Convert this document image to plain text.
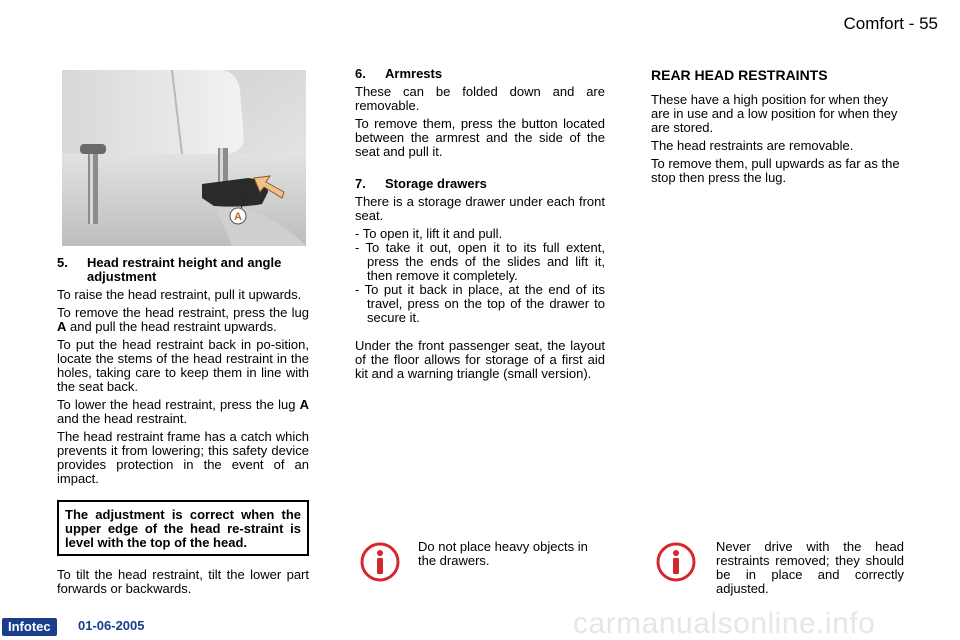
Comfort - 55
A
5.	Head restraint height and angle adjustment

To raise the head restraint, pull it upwards.

To remove the head restraint, press the lug A and pull the head restraint upwards.

To put the head restraint back in po-sition, locate the stems of the head restraint in the holes, taking care to keep them in line with the seat back.

To lower the head restraint, press the lug A and the head restraint.

The head restraint frame has a catch which prevents it from lowering; this safety device provides protection in the event of an impact.

The adjustment is correct when the upper edge of the head re-straint is level with the top of the head.

To tilt the head restraint, tilt the lower part forwards or backwards.

6.	Armrests

These can be folded down and are removable.

To remove them, press the button located between the armrest and the side of the seat and pull it.

7.	Storage drawers

There is a storage drawer under each front seat.

- To open it, lift it and pull.

- To take it out, open it to its full extent, press the ends of the slides and lift it, then remove it completely.

- To put it back in place, at the end of its travel, press on the top of the drawer to secure it.

Under the front passenger seat, the layout of the floor allows for storage of a first aid kit and a warning triangle (small version).

REAR HEAD RESTRAINTS

These have a high position for when they are in use and a low position for when they are stored.

The head restraints are removable.

To remove them, pull upwards as far as the stop then press the lug.

Do not place heavy objects in the drawers.
Never drive with the head restraints removed; they should be in place and correctly adjusted.
carmanualsonline.info
Infotec	01-06-2005
